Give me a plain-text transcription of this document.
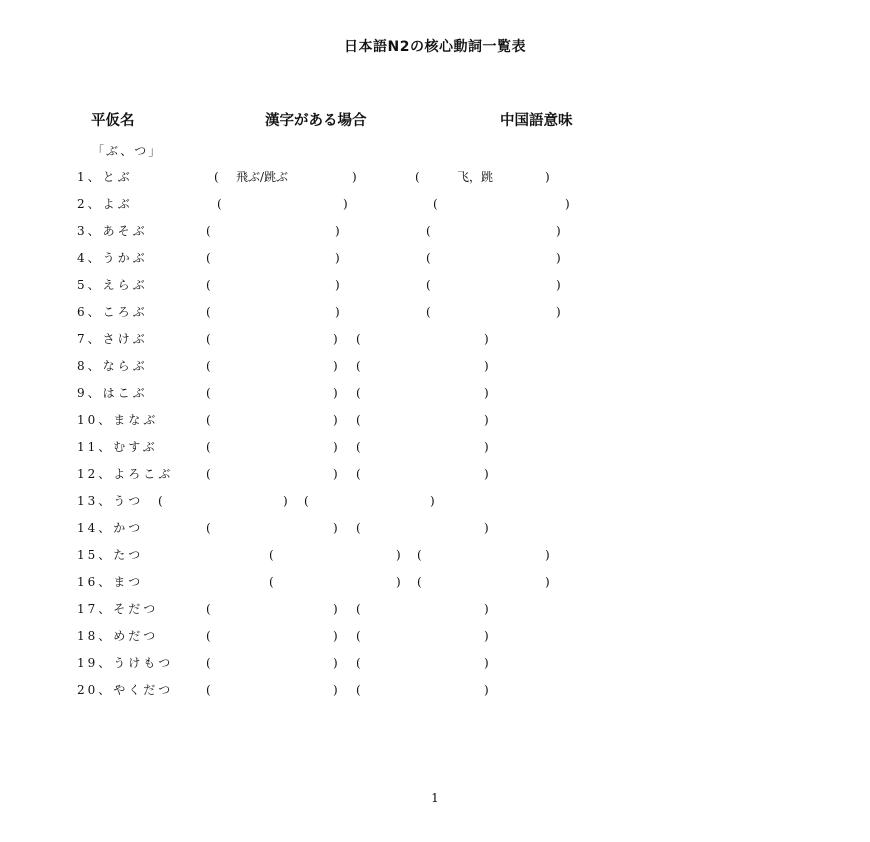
日本語N2の核心動詞一覧表
平仮名	漢字がある場合	中国語意味
「ぶ、つ」
1、とぶ	( 飛ぶ/跳ぶ	)	(	飞，跳	)
2、よぶ	(	)	(	)
3、あそぶ	(	)	(	)
4、うかぶ	(	)	(	)
5、えらぶ	(	)	(	)
6、ころぶ	(	)	(	)
7、さけぶ	(	) (	)
8、ならぶ	(	) (	)
9、はこぶ	(	) (	)
10、まなぶ	(	) (	)
11、むすぶ	(	) (	)
12、よろこぶ	(	) (	)
13、うつ (	) (	)
14、かつ	(	) (	)
15、たつ	(	) (	)
16、まつ	(	) (	)
17、そだつ	(	) (	)
18、めだつ	(	) (	)
19、うけもつ	(	) (	)
20、やくだつ	(	) (	)
1
